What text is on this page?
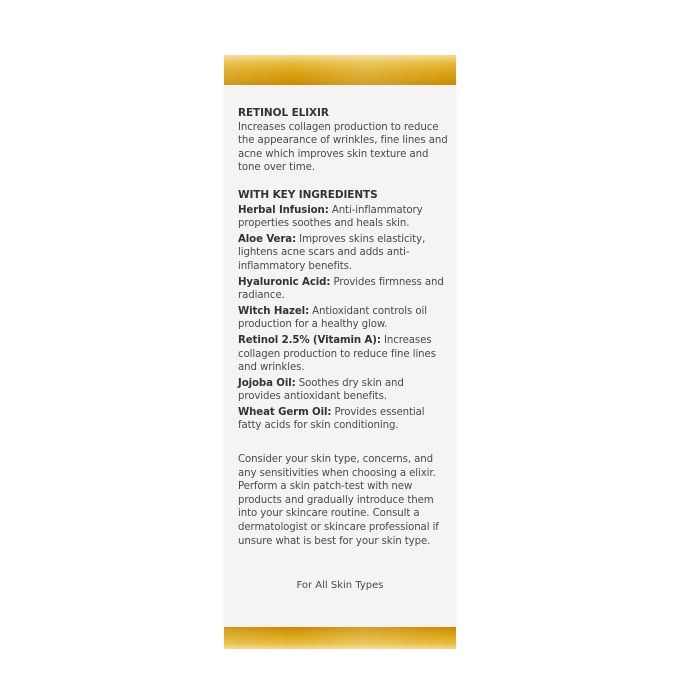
RETINOL ELIXIR

Increases collagen production to reduce the appearance of wrinkles, fine lines and acne which improves skin texture and tone over time.

WITH KEY INGREDIENTS

Herbal Infusion: Anti-inflammatory properties soothes and heals skin.

Aloe Vera: Improves skins elasticity, lightens acne scars and adds anti-inflammatory benefits.

Hyaluronic Acid: Provides firmness and radiance.

Witch Hazel: Antioxidant controls oil production for a healthy glow.

Retinol 2.5% (Vitamin A): Increases collagen production to reduce fine lines and wrinkles.

Jojoba Oil: Soothes dry skin and provides antioxidant benefits.

Wheat Germ Oil: Provides essential fatty acids for skin conditioning.

Consider your skin type, concerns, and any sensitivities when choosing a elixir. Perform a skin patch-test with new products and gradually introduce them into your skincare routine. Consult a dermatologist or skincare professional if unsure what is best for your skin type.

For All Skin Types
